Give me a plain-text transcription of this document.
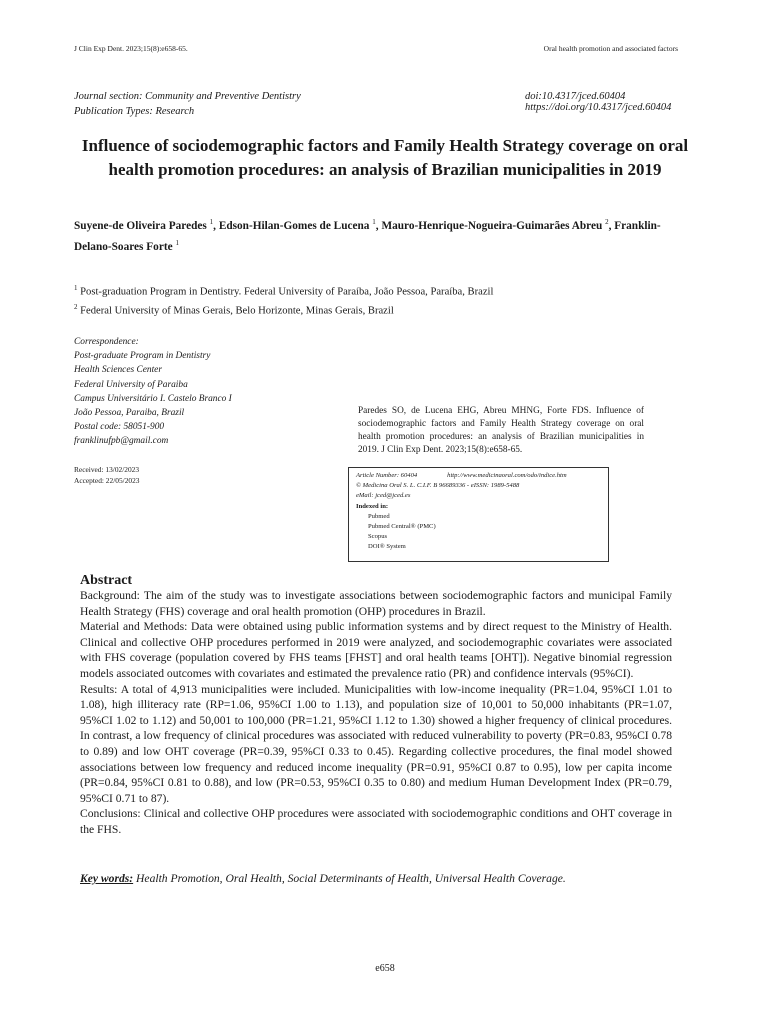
J Clin Exp Dent. 2023;15(8):e658-65.	Oral health promotion and associated factors
Journal section: Community and Preventive Dentistry
Publication Types: Research
doi:10.4317/jced.60404
https://doi.org/10.4317/jced.60404
Influence of sociodemographic factors and Family Health Strategy coverage on oral health promotion procedures: an analysis of Brazilian municipalities in 2019
Suyene-de Oliveira Paredes $^1$, Edson-Hilan-Gomes de Lucena $^1$, Mauro-Henrique-Nogueira-Guimarães Abreu $^2$, Franklin-Delano-Soares Forte $^1$
$^1$ Post-graduation Program in Dentistry. Federal University of Paraíba, João Pessoa, Paraíba, Brazil
$^2$ Federal University of Minas Gerais, Belo Horizonte, Minas Gerais, Brazil
Correspondence:
Post-graduate Program in Dentistry
Health Sciences Center
Federal University of Paraiba
Campus Universitário I. Castelo Branco I
João Pessoa, Paraiba, Brazil
Postal code: 58051-900
franklinufpb@gmail.com
Received: 13/02/2023
Accepted: 22/05/2023
Paredes SO, de Lucena EHG, Abreu MHNG, Forte FDS. Influence of sociodemographic factors and Family Health Strategy coverage on oral health promotion procedures: an analysis of Brazilian municipalities in 2019. J Clin Exp Dent. 2023;15(8):e658-65.
Article Number: 60404	http://www.medicinaoral.com/odo/indice.htm
© Medicina Oral S. L. C.I.F. B 96689336 - eISSN: 1989-5488
eMail: jced@jced.es
Indexed in:
Pubmed
Pubmed Central® (PMC)
Scopus
DOI® System
Abstract

Background: The aim of the study was to investigate associations between sociodemographic factors and municipal Family Health Strategy (FHS) coverage and oral health promotion (OHP) procedures in Brazil.

Material and Methods: Data were obtained using public information systems and by direct request to the Ministry of Health. Clinical and collective OHP procedures performed in 2019 were analyzed, and sociodemographic covariates were associated with FHS coverage (population covered by FHS teams [FHST] and oral health teams [OHT]). Negative binomial regression models associated outcomes with covariates and estimated the prevalence ratio (PR) and confidence intervals (95%CI).

Results: A total of 4,913 municipalities were included. Municipalities with low-income inequality (PR=1.04, 95%CI 1.01 to 1.08), high illiteracy rate (RP=1.06, 95%CI 1.00 to 1.13), and population size of 10,001 to 50,000 inhabitants (PR=1.07, 95%CI 1.02 to 1.12) and 50,001 to 100,000 (PR=1.21, 95%CI 1.12 to 1.30) showed a higher frequency of clinical procedures. In contrast, a low frequency of clinical procedures was associated with reduced vulnerability to poverty (PR=0.83, 95%CI 0.78 to 0.89) and low OHT coverage (PR=0.39, 95%CI 0.33 to 0.45). Regarding collective procedures, the final model showed associations between low frequency and reduced income inequality (PR=0.91, 95%CI 0.87 to 0.95), low per capita income (PR=0.84, 95%CI 0.81 to 0.88), and low (PR=0.53, 95%CI 0.35 to 0.80) and medium Human Development Index (PR=0.79, 95%CI 0.71 to 87).

Conclusions: Clinical and collective OHP procedures were associated with sociodemographic conditions and OHT coverage in the FHS.

Key words: Health Promotion, Oral Health, Social Determinants of Health, Universal Health Coverage.
e658
